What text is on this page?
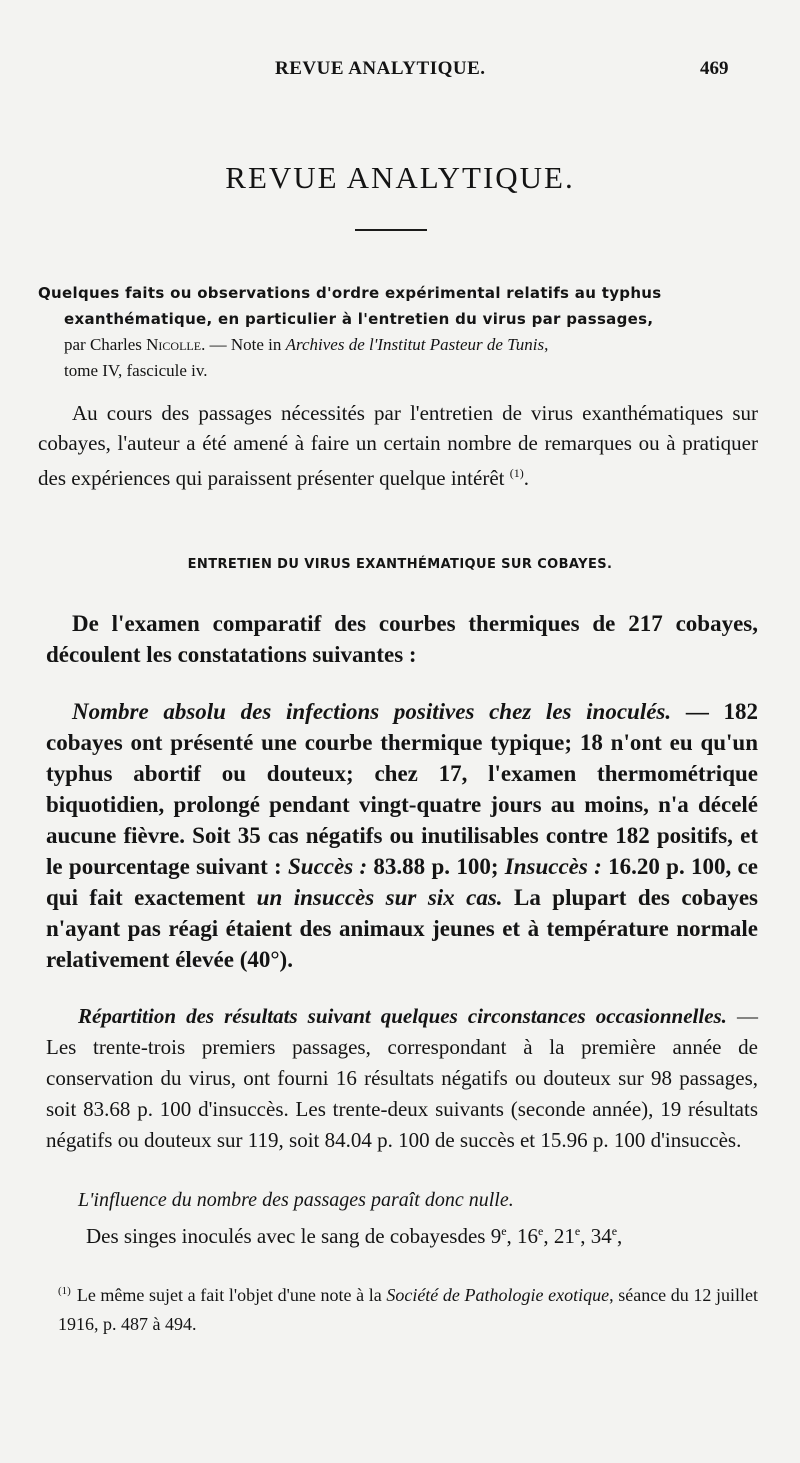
REVUE ANALYTIQUE.	469
REVUE ANALYTIQUE.
Quelques faits ou observations d'ordre expérimental relatifs au typhus
exanthématique, en particulier à l'entretien du virus par passages,
par Charles Nicolle. — Note in Archives de l'Institut Pasteur de Tunis,
tome IV, fascicule iv.
Au cours des passages nécessités par l'entretien de virus exanthématiques sur cobayes, l'auteur a été amené à faire un certain nombre de remarques ou à pratiquer des expériences qui paraissent présenter quelque intérêt $^{(1)}$.
ENTRETIEN DU VIRUS EXANTHÉMATIQUE SUR COBAYES.
De l'examen comparatif des courbes thermiques de 217 cobayes, découlent les constatations suivantes :
Nombre absolu des infections positives chez les inoculés. — 182 cobayes ont présenté une courbe thermique typique; 18 n'ont eu qu'un typhus abortif ou douteux; chez 17, l'examen thermométrique biquotidien, prolongé pendant vingt-quatre jours au moins, n'a décelé aucune fièvre. Soit 35 cas négatifs ou inutilisables contre 182 positifs, et le pourcentage suivant : Succès : 83.88 p. 100; Insuccès : 16.20 p. 100, ce qui fait exactement un insuccès sur six cas. La plupart des cobayes n'ayant pas réagi étaient des animaux jeunes et à température normale relativement élevée (40°).
Répartition des résultats suivant quelques circonstances occasionnelles. — Les trente-trois premiers passages, correspondant à la première année de conservation du virus, ont fourni 16 résultats négatifs ou douteux sur 98 passages, soit 83.68 p. 100 d'insuccès. Les trente-deux suivants (seconde année), 19 résultats négatifs ou douteux sur 119, soit 84.04 p. 100 de succès et 15.96 p. 100 d'insuccès.
L'influence du nombre des passages paraît donc nulle.
Des singes inoculés avec le sang de cobayesdes 9e, 16e, 21e, 34e,
$^{(1)}$ Le même sujet a fait l'objet d'une note à la Société de Pathologie exotique, séance du 12 juillet 1916, p. 487 à 494.
